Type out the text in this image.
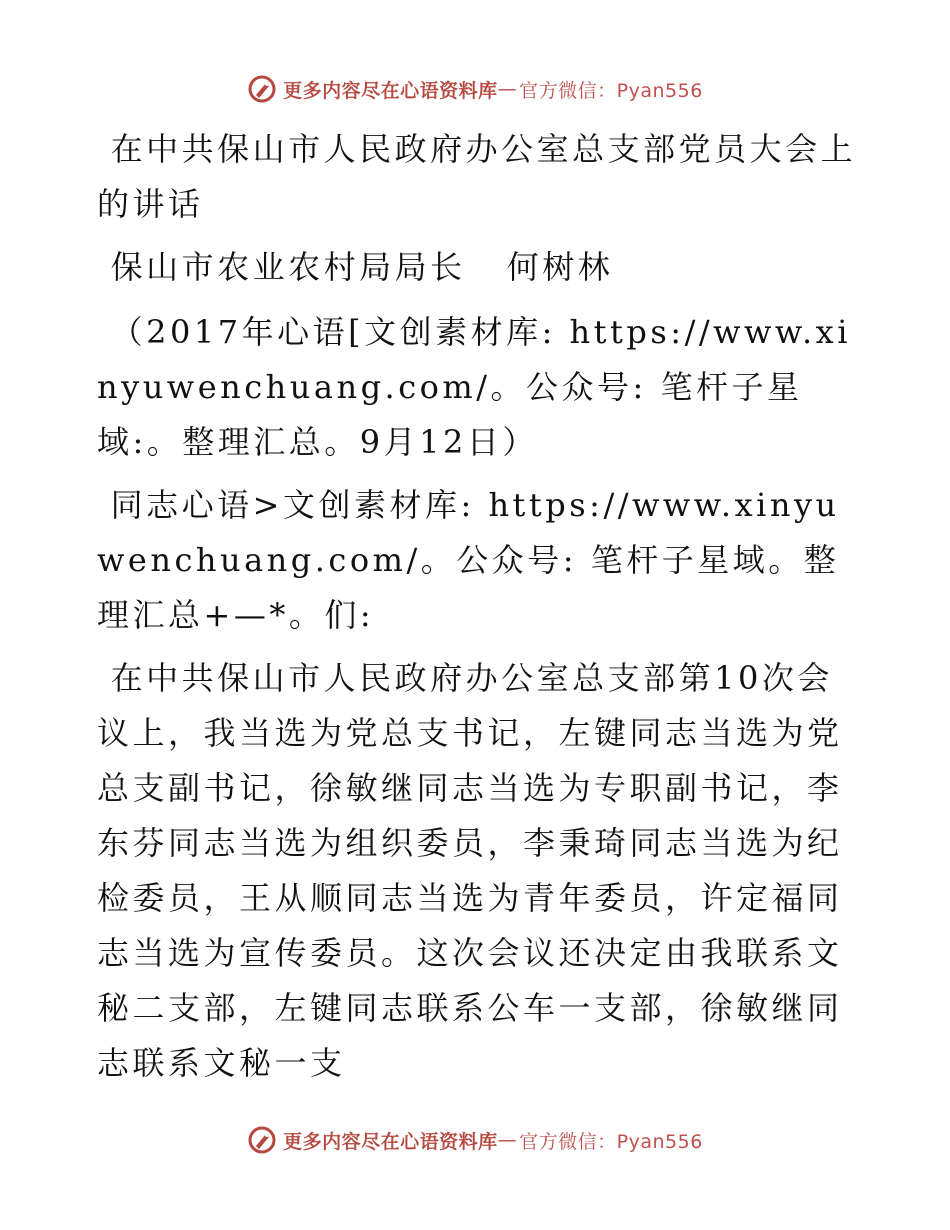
更多内容尽在心语资料库 — 官方微信：Pyan556

在中共保山市人民政府办公室总支部党员大会上的讲话

保山市农业农村局局长   何树林

（2017年心语[文创素材库: https://www.xinyuwenchuang.com/。公众号: 笔杆子星域:。整理汇总。9月12日）

同志心语>文创素材库: https://www.xinyuwenchuang.com/。公众号: 笔杆子星域。整理汇总+—*。们:

在中共保山市人民政府办公室总支部第10次会议上，我当选为党总支书记，左键同志当选为党总支副书记，徐敏继同志当选为专职副书记，李东芬同志当选为组织委员，李秉琦同志当选为纪检委员，王从顺同志当选为青年委员，许定福同志当选为宣传委员。这次会议还决定由我联系文秘二支部，左键同志联系公车一支部，徐敏继同志联系文秘一支

更多内容尽在心语资料库 — 官方微信：Pyan556
